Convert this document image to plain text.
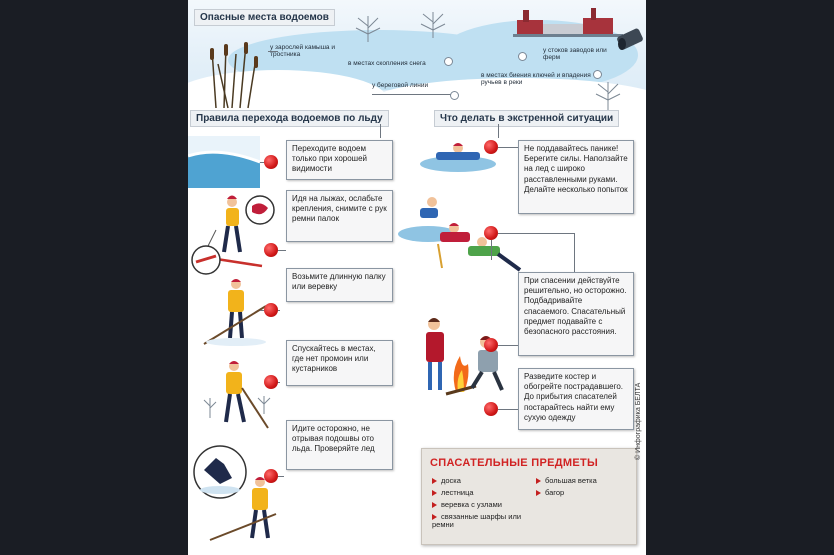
Опасные места водоемов
у зарослей камыша и тростника
в местах скопления снега
у береговой линии
у стоков заводов или ферм
в местах биения ключей и впадения ручьев в реки
Правила перехода водоемов по льду	Что делать в экстренной ситуации
Переходите водоем только при хорошей видимости
Идя на лыжах, ослабьте крепления, снимите с рук ремни палок
Возьмите длинную палку или веревку
Спускайтесь в местах, где нет промоин или кустарников
Идите осторожно, не отрывая подошвы ото льда. Проверяйте лед
Не поддавайтесь панике! Берегите силы. Наползайте на лед с широко расставленными руками. Делайте несколько попыток
При спасении действуйте решительно, но осторожно. Подбадривайте спасаемого. Спасательный предмет подавайте с безопасного расстояния.
Разведите костер и обогрейте пострадавшего. До прибытия спасателей постарайтесь найти ему сухую одежду
СПАСАТЕЛЬНЫЕ ПРЕДМЕТЫ
доска
лестница
веревка с узлами
связанные шарфы или ремни
большая ветка
багор
© Инфографика БЕЛТА
